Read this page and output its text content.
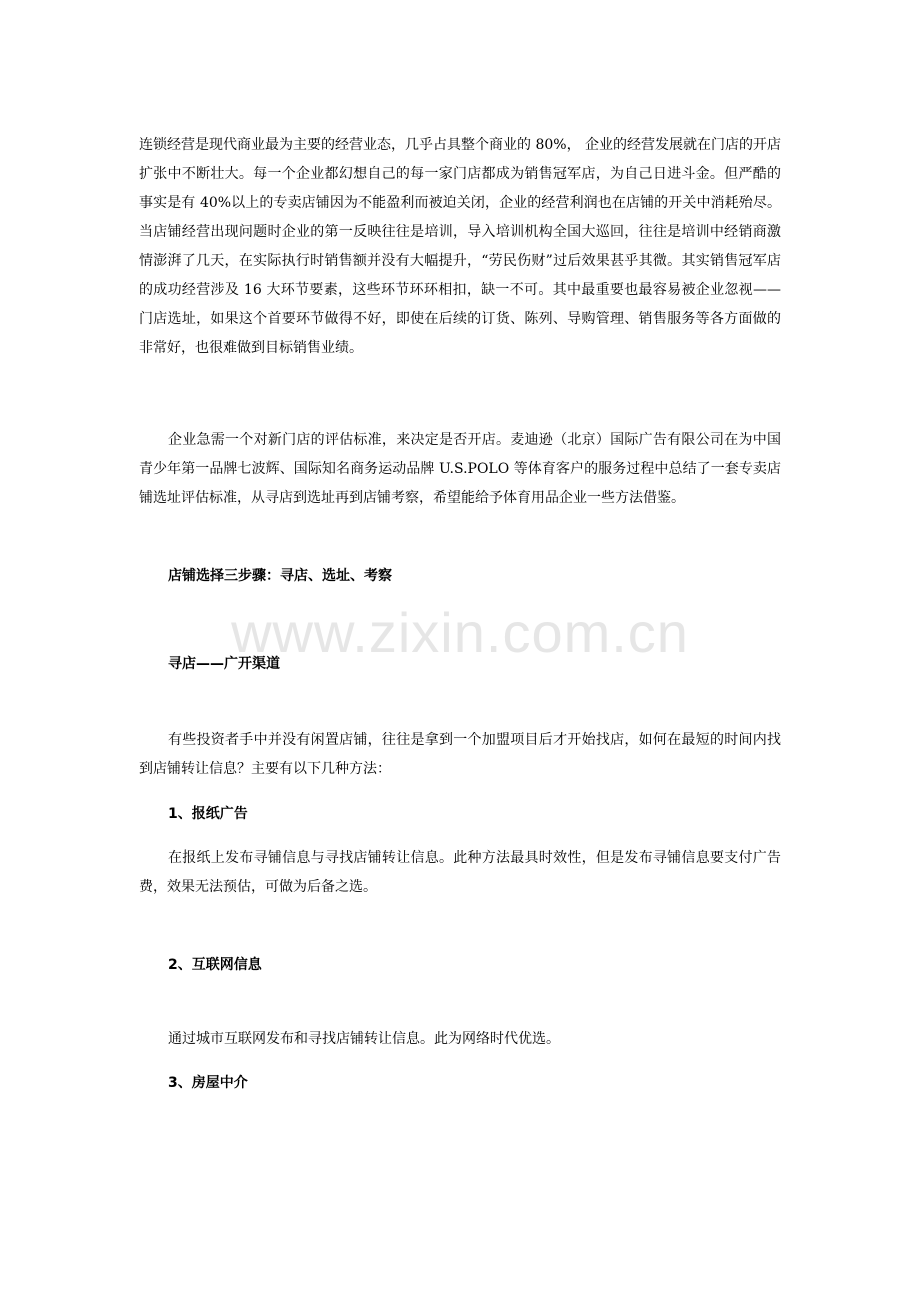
连锁经营是现代商业最为主要的经营业态，几乎占具整个商业的 80%， 企业的经营发展就在门店的开店扩张中不断壮大。每一个企业都幻想自己的每一家门店都成为销售冠军店，为自己日进斗金。但严酷的事实是有 40%以上的专卖店铺因为不能盈利而被迫关闭，企业的经营利润也在店铺的开关中消耗殆尽。当店铺经营出现问题时企业的第一反映往往是培训，导入培训机构全国大巡回，往往是培训中经销商激情澎湃了几天，在实际执行时销售额并没有大幅提升，“劳民伤财”过后效果甚乎其微。其实销售冠军店的成功经营涉及 16 大环节要素，这些环节环环相扣，缺一不可。其中最重要也最容易被企业忽视——门店选址，如果这个首要环节做得不好，即使在后续的订货、陈列、导购管理、销售服务等各方面做的非常好，也很难做到目标销售业绩。

企业急需一个对新门店的评估标准，来决定是否开店。麦迪逊（北京）国际广告有限公司在为中国青少年第一品牌七波辉、国际知名商务运动品牌 U.S.POLO 等体育客户的服务过程中总结了一套专卖店铺选址评估标准，从寻店到选址再到店铺考察，希望能给予体育用品企业一些方法借鉴。

店铺选择三步骤：寻店、选址、考察
www.zixin.com.cn
寻店——广开渠道

有些投资者手中并没有闲置店铺，往往是拿到一个加盟项目后才开始找店，如何在最短的时间内找到店铺转让信息？主要有以下几种方法：

1、报纸广告

在报纸上发布寻铺信息与寻找店铺转让信息。此种方法最具时效性，但是发布寻铺信息要支付广告费，效果无法预估，可做为后备之选。

2、互联网信息

通过城市互联网发布和寻找店铺转让信息。此为网络时代优选。

3、房屋中介
